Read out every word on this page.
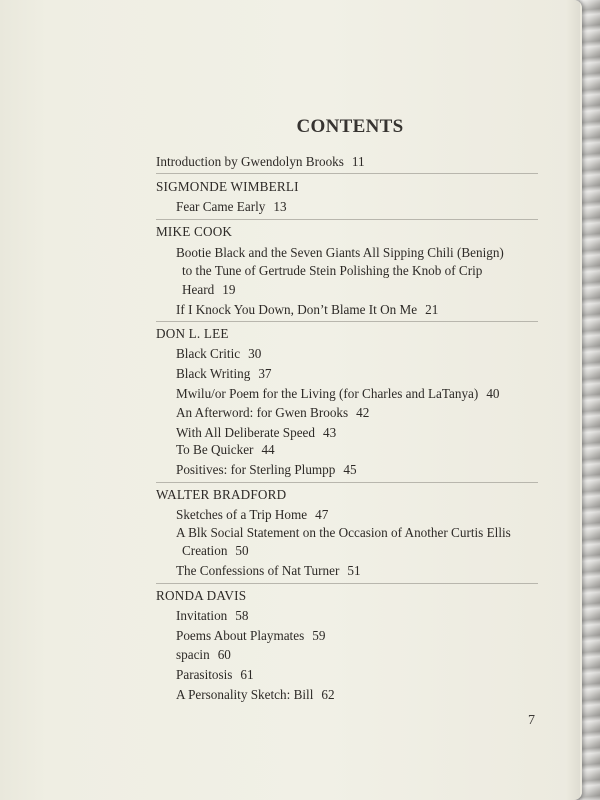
CONTENTS
Introduction by Gwendolyn Brooks 11
SIGMONDE WIMBERLI
Fear Came Early 13
MIKE COOK
Bootie Black and the Seven Giants All Sipping Chili (Benign)
to the Tune of Gertrude Stein Polishing the Knob of Crip
Heard 19
If I Knock You Down, Don’t Blame It On Me 21
DON L. LEE
Black Critic 30
Black Writing 37
Mwilu/or Poem for the Living (for Charles and LaTanya) 40
An Afterword: for Gwen Brooks 42
With All Deliberate Speed 43
To Be Quicker 44
Positives: for Sterling Plumpp 45
WALTER BRADFORD
Sketches of a Trip Home 47
A Blk Social Statement on the Occasion of Another Curtis Ellis
Creation 50
The Confessions of Nat Turner 51
RONDA DAVIS
Invitation 58
Poems About Playmates 59
spacin 60
Parasitosis 61
A Personality Sketch: Bill 62
7
